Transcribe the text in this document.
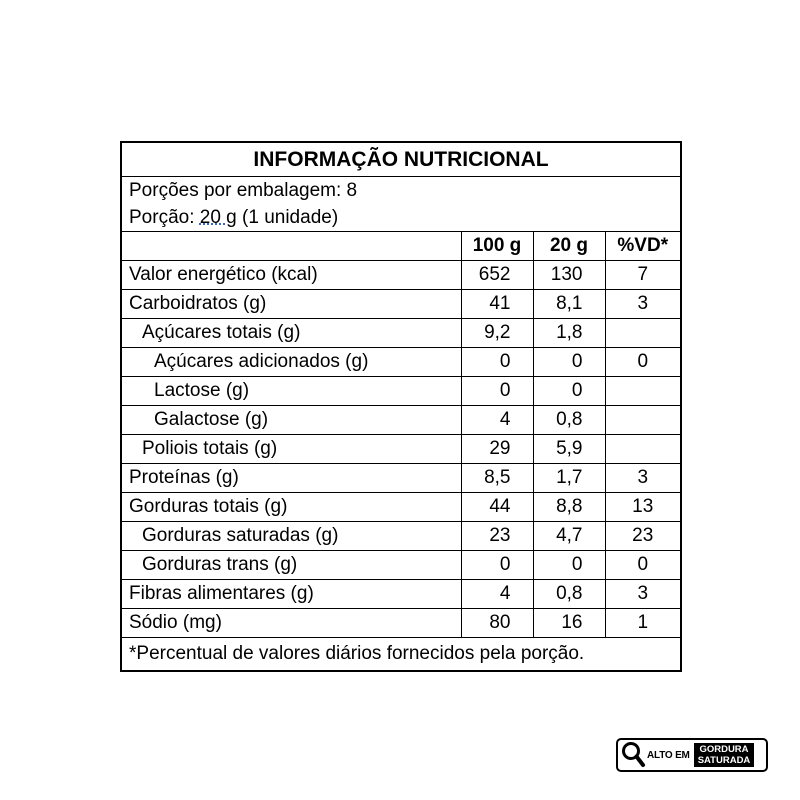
INFORMAÇÃO NUTRICIONAL
Porções por embalagem: 8
Porção: 20 g (1 unidade)
	100 g	20 g	%VD*
Valor energético (kcal)	652	130	7
Carboidratos (g)	41	8,1	3
Açúcares totais (g)	9,2	1,8	
Açúcares adicionados (g)	0	0	0
Lactose (g)	0	0	
Galactose (g)	4	0,8	
Poliois totais (g)	29	5,9	
Proteínas (g)	8,5	1,7	3
Gorduras totais (g)	44	8,8	13
Gorduras saturadas (g)	23	4,7	23
Gorduras trans (g)	0	0	0
Fibras alimentares (g)	4	0,8	3
Sódio (mg)	80	16	1
*Percentual de valores diários fornecidos pela porção.
ALTO EM GORDURA
SATURADA
